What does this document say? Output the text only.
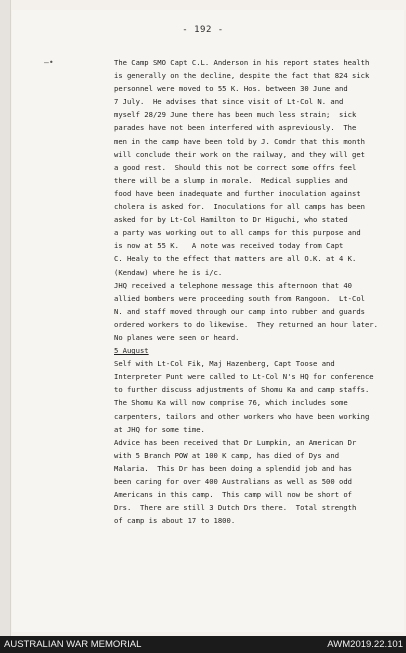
- 192 -
—•	The Camp SMO Capt C.L. Anderson in his report states health
is generally on the decline, despite the fact that 824 sick
personnel were moved to 55 K. Hos. between 30 June and
7 July.  He advises that since visit of Lt-Col N. and
myself 28/29 June there has been much less strain;  sick
parades have not been interfered with aspreviously.  The
men in the camp have been told by J. Comdr that this month
will conclude their work on the railway, and they will get
a good rest.  Should this not be correct some offrs feel
there will be a slump in morale.  Medical supplies and
food have been inadequate and further inoculation against
cholera is asked for.  Inoculations for all camps has been
asked for by Lt-Col Hamilton to Dr Higuchi, who stated
a party was working out to all camps for this purpose and
is now at 55 K.   A note was received today from Capt
C. Healy to the effect that matters are all O.K. at 4 K.
(Kendaw) where he is i/c.
JHQ received a telephone message this afternoon that 40
allied bombers were proceeding south from Rangoon.  Lt-Col
N. and staff moved through our camp into rubber and guards
ordered workers to do likewise.  They returned an hour later.
No planes were seen or heard.
5 August
Self with Lt-Col Fik, Maj Hazenberg, Capt Toose and
Interpreter Punt were called to Lt-Col N's HQ for conference
to further discuss adjustments of Shomu Ka and camp staffs.
The Shomu Ka will now comprise 76, which includes some
carpenters, tailors and other workers who have been working
at JHQ for some time.
Advice has been received that Dr Lumpkin, an American Dr
with 5 Branch POW at 100 K camp, has died of Dys and
Malaria.  This Dr has been doing a splendid job and has
been caring for over 400 Australians as well as 500 odd
Americans in this camp.  This camp will now be short of
Drs.  There are still 3 Dutch Drs there.  Total strength
of camp is about 17 to 1800.
AUSTRALIAN WAR MEMORIAL	AWM2019.22.101
